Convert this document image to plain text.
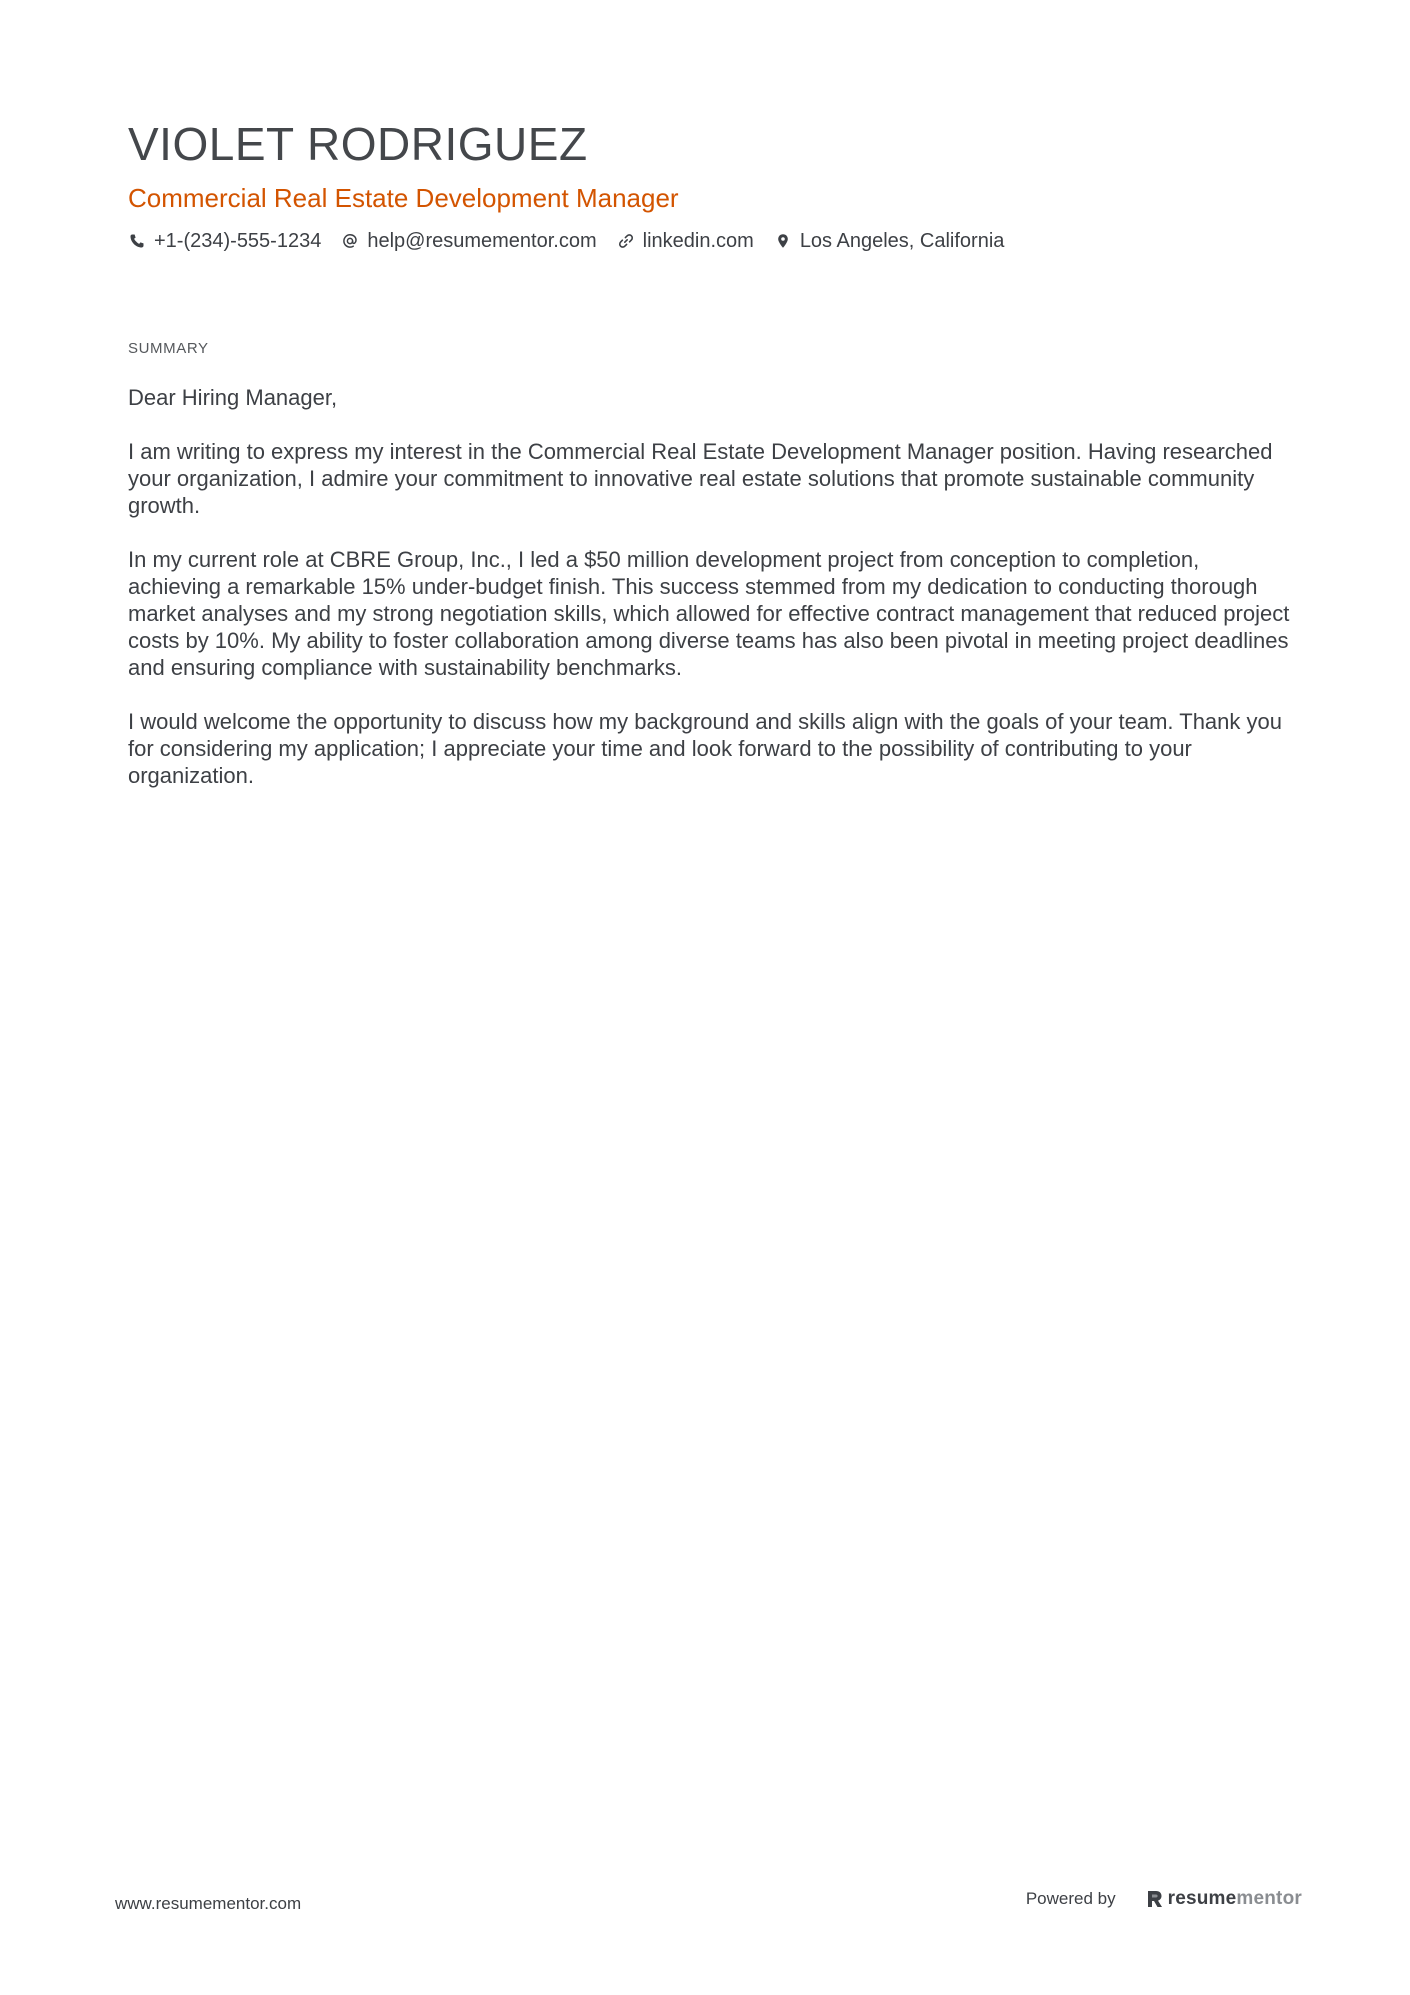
VIOLET RODRIGUEZ
Commercial Real Estate Development Manager
+1-(234)-555-1234 help@resumementor.com linkedin.com Los Angeles, California
SUMMARY

Dear Hiring Manager,

I am writing to express my interest in the Commercial Real Estate Development Manager position. Having researched your organization, I admire your commitment to innovative real estate solutions that promote sustainable community growth.

In my current role at CBRE Group, Inc., I led a $50 million development project from conception to completion, achieving a remarkable 15% under-budget finish. This success stemmed from my dedication to conducting thorough market analyses and my strong negotiation skills, which allowed for effective contract management that reduced project costs by 10%. My ability to foster collaboration among diverse teams has also been pivotal in meeting project deadlines and ensuring compliance with sustainability benchmarks.

I would welcome the opportunity to discuss how my background and skills align with the goals of your team. Thank you for considering my application; I appreciate your time and look forward to the possibility of contributing to your organization.

www.resumementor.com	Powered by	resumementor
